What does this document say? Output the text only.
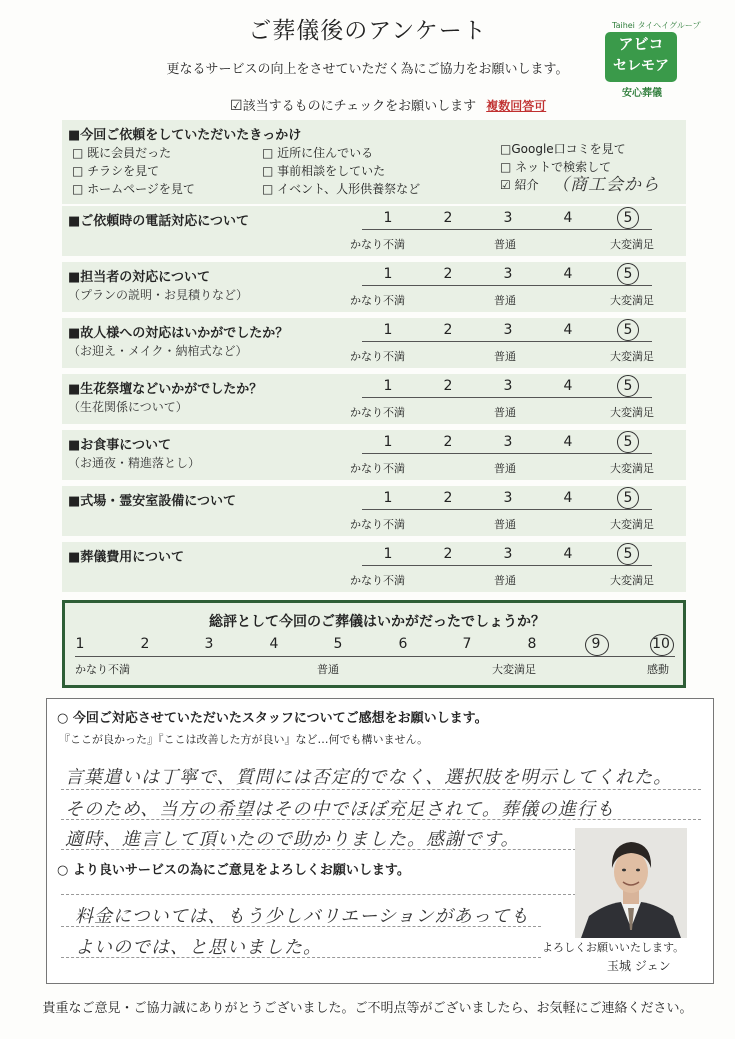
ご葬儀後のアンケート
更なるサービスの向上をさせていただく為にご協力をお願いします。
Taihei タイヘイグループ
アビコ
セレモア
安心葬儀
☑該当するものにチェックをお願いします 複数回答可
■今回ご依頼をしていただいたきっかけ
□ 既に会員だった
□ チラシを見て
□ ホームページを見て
□ 近所に住んでいる
□ 事前相談をしていた
□ イベント、人形供養祭など
□Google口コミを見て
□ ネットで検索して
☑ 紹介 （商工会から
■ご依頼時の電話対応について	1	2	3	4	5
かなり不満	普通	大変満足
■担当者の対応について
（プランの説明・お見積りなど）
1	2	3	4	5
かなり不満	普通	大変満足
■故人様への対応はいかがでしたか？
（お迎え・メイク・納棺式など）
1	2	3	4	5
かなり不満	普通	大変満足
■生花祭壇などいかがでしたか？
（生花関係について）
1	2	3	4	5
かなり不満	普通	大変満足
■お食事について
（お通夜・精進落とし）
1	2	3	4	5
かなり不満	普通	大変満足
■式場・霊安室設備について	1	2	3	4	5
かなり不満	普通	大変満足
■葬儀費用について	1	2	3	4	5
かなり不満	普通	大変満足
総評として今回のご葬儀はいかがだったでしょうか？
1	2	3	4	5	6	7	8	9	10
かなり不満	普通	大変満足	感動
○ 今回ご対応させていただいたスタッフについてご感想をお願いします。
『ここが良かった』『ここは改善した方が良い』など…何でも構いません。
言葉遣いは丁寧で、質問には否定的でなく、選択肢を明示してくれた。
そのため、当方の希望はその中でほぼ充足されて。葬儀の進行も
適時、進言して頂いたので助かりました。感謝です。
○ より良いサービスの為にご意見をよろしくお願いします。
料金については、もう少しバリエーションがあっても
よいのでは、と思いました。	よろしくお願いいたします。
玉城 ジェン
貴重なご意見・ご協力誠にありがとうございました。ご不明点等がございましたら、お気軽にご連絡ください。
